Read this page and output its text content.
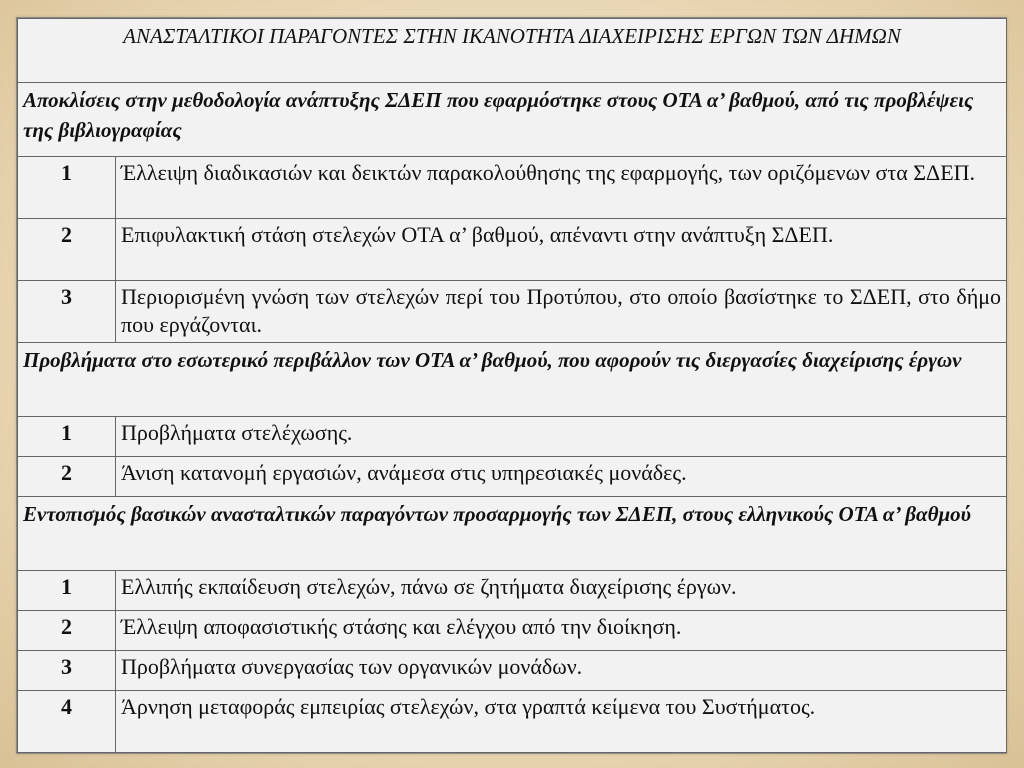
ΑΝΑΣΤΑΛΤΙΚΟΙ ΠΑΡΑΓΟΝΤΕΣ ΣΤΗΝ ΙΚΑΝΟΤΗΤΑ ΔΙΑΧΕΙΡΙΣΗΣ ΕΡΓΩΝ ΤΩΝ ΔΗΜΩΝ	
Αποκλίσεις στην μεθοδολογία ανάπτυξης ΣΔΕΠ που εφαρμόστηκε στους ΟΤΑ α’ βαθμού, από τις προβλέψεις της βιβλιογραφίας	
1	Έλλειψη διαδικασιών και δεικτών παρακολούθησης της εφαρμογής, των οριζόμενων στα ΣΔΕΠ.
2	Επιφυλακτική στάση στελεχών ΟΤΑ α’ βαθμού, απέναντι στην ανάπτυξη ΣΔΕΠ.
3	Περιορισμένη γνώση των στελεχών περί του Προτύπου, στο οποίο βασίστηκε το ΣΔΕΠ, στο δήμο που εργάζονται.
Προβλήματα στο εσωτερικό περιβάλλον των ΟΤΑ α’ βαθμού, που αφορούν τις διεργασίες διαχείρισης έργων	
1	Προβλήματα στελέχωσης.
2	Άνιση κατανομή εργασιών, ανάμεσα στις υπηρεσιακές μονάδες.
Εντοπισμός βασικών ανασταλτικών παραγόντων προσαρμογής των ΣΔΕΠ, στους ελληνικούς ΟΤΑ α’ βαθμού	
1	Ελλιπής εκπαίδευση στελεχών, πάνω σε ζητήματα διαχείρισης έργων.
2	Έλλειψη αποφασιστικής στάσης και ελέγχου από την διοίκηση.
3	Προβλήματα συνεργασίας των οργανικών μονάδων.
4	Άρνηση μεταφοράς εμπειρίας στελεχών, στα γραπτά κείμενα του Συστήματος.
